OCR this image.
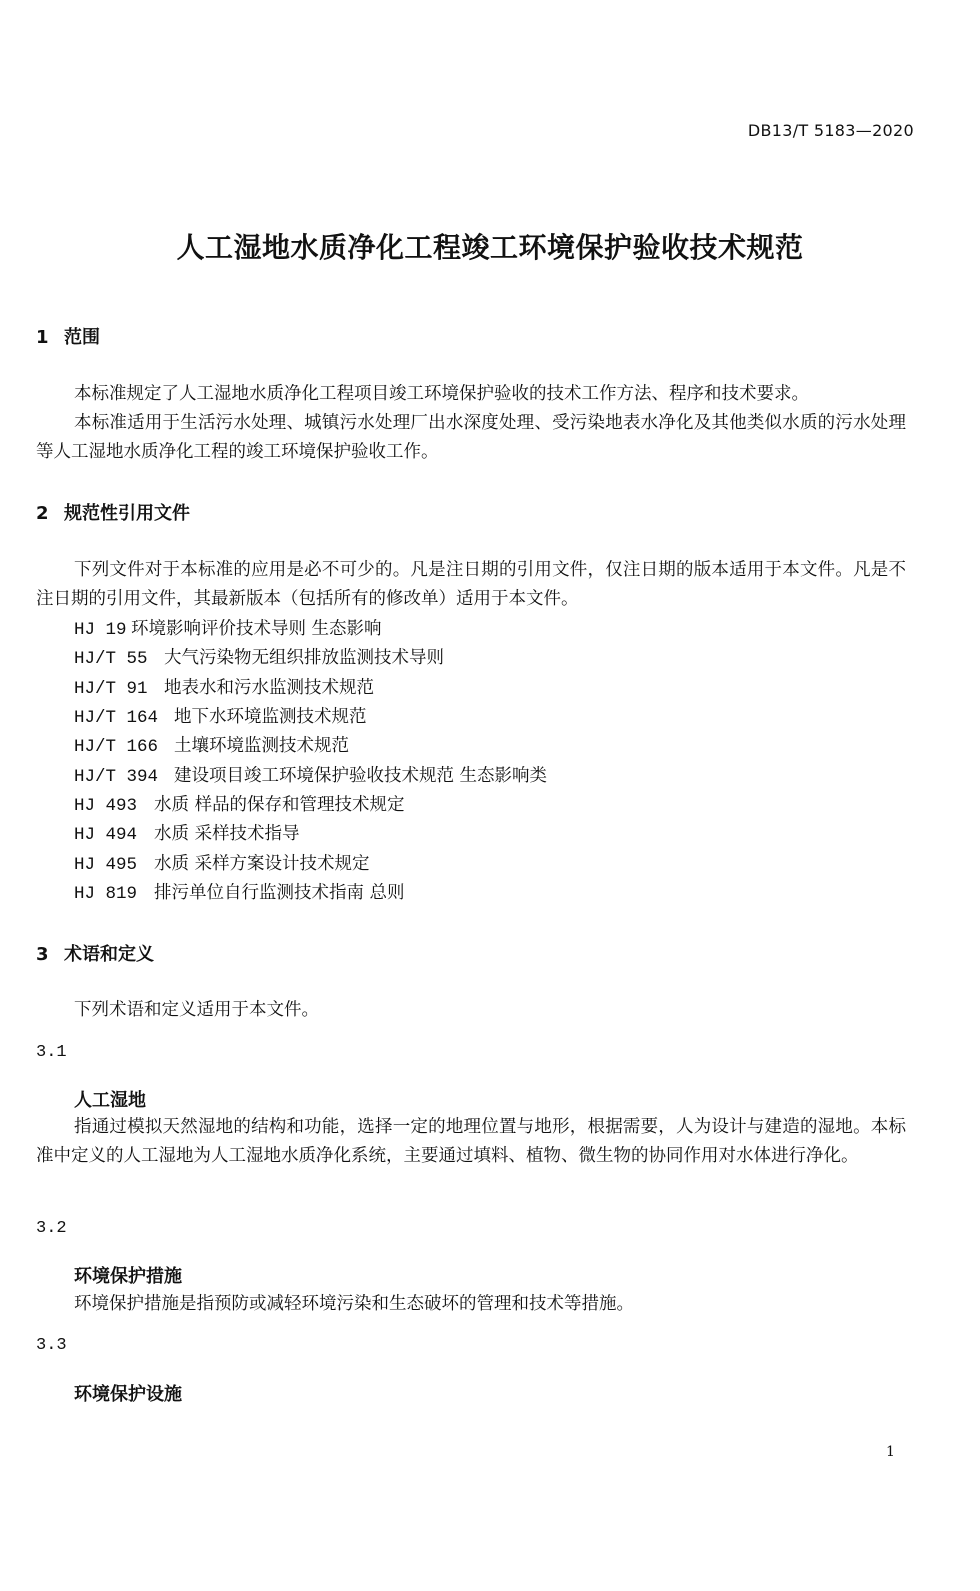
DB13/T 5183—2020
人工湿地水质净化工程竣工环境保护验收技术规范
1 范围
本标准规定了人工湿地水质净化工程项目竣工环境保护验收的技术工作方法、程序和技术要求。
本标准适用于生活污水处理、城镇污水处理厂出水深度处理、受污染地表水净化及其他类似水质的污水处理等人工湿地水质净化工程的竣工环境保护验收工作。
2 规范性引用文件
下列文件对于本标准的应用是必不可少的。凡是注日期的引用文件，仅注日期的版本适用于本文件。凡是不注日期的引用文件，其最新版本（包括所有的修改单）适用于本文件。
HJ 19 环境影响评价技术导则 生态影响
HJ/T 55 大气污染物无组织排放监测技术导则
HJ/T 91 地表水和污水监测技术规范
HJ/T 164 地下水环境监测技术规范
HJ/T 166 土壤环境监测技术规范
HJ/T 394 建设项目竣工环境保护验收技术规范 生态影响类
HJ 493 水质 样品的保存和管理技术规定
HJ 494 水质 采样技术指导
HJ 495 水质 采样方案设计技术规定
HJ 819 排污单位自行监测技术指南 总则
3 术语和定义
下列术语和定义适用于本文件。
3.1
人工湿地
指通过模拟天然湿地的结构和功能，选择一定的地理位置与地形，根据需要，人为设计与建造的湿地。本标准中定义的人工湿地为人工湿地水质净化系统，主要通过填料、植物、微生物的协同作用对水体进行净化。
3.2
环境保护措施
环境保护措施是指预防或减轻环境污染和生态破坏的管理和技术等措施。
3.3
环境保护设施
1
